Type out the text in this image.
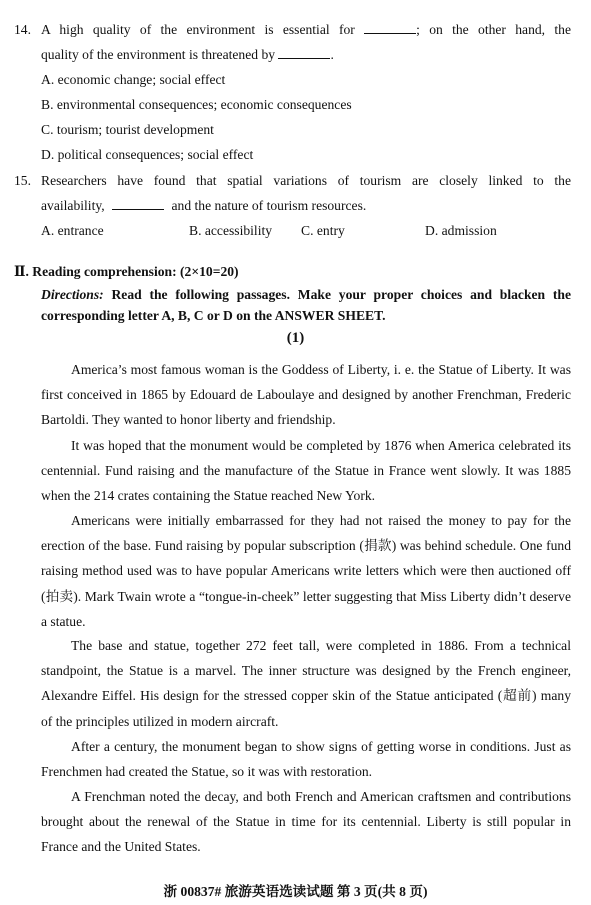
14. A high quality of the environment is essential for	; on the other hand, the
quality of the environment is threatened by	.
A. economic change; social effect
B. environmental consequences; economic consequences
C. tourism; tourist development
D. political consequences; social effect
15. Researchers have found that spatial variations of tourism are closely linked to the
availability,	and the nature of tourism resources.
A. entrance	B. accessibility	C. entry	D. admission
Ⅱ. Reading comprehension: (2×10=20)
Directions: Read the following passages. Make your proper choices and blacken the
corresponding letter A, B, C or D on the ANSWER SHEET.
(1)
America’s most famous woman is the Goddess of Liberty, i. e. the Statue of Liberty. It was first conceived in 1865 by Edouard de Laboulaye and designed by another Frenchman, Frederic Bartoldi. They wanted to honor liberty and friendship.
It was hoped that the monument would be completed by 1876 when America celebrated its centennial. Fund raising and the manufacture of the Statue in France went slowly. It was 1885 when the 214 crates containing the Statue reached New York.
Americans were initially embarrassed for they had not raised the money to pay for the erection of the base. Fund raising by popular subscription (捐款) was behind schedule. One fund raising method used was to have popular Americans write letters which were then auctioned off (拍卖). Mark Twain wrote a “tongue-in-cheek” letter suggesting that Miss Liberty didn’t deserve a statue.
The base and statue, together 272 feet tall, were completed in 1886. From a technical standpoint, the Statue is a marvel. The inner structure was designed by the French engineer, Alexandre Eiffel. His design for the stressed copper skin of the Statue anticipated (超前) many of the principles utilized in modern aircraft.
After a century, the monument began to show signs of getting worse in conditions. Just as Frenchmen had created the Statue, so it was with restoration.
A Frenchman noted the decay, and both French and American craftsmen and contributions brought about the renewal of the Statue in time for its centennial. Liberty is still popular in France and the United States.
浙 00837# 旅游英语选读试题 第 3 页(共 8 页)
